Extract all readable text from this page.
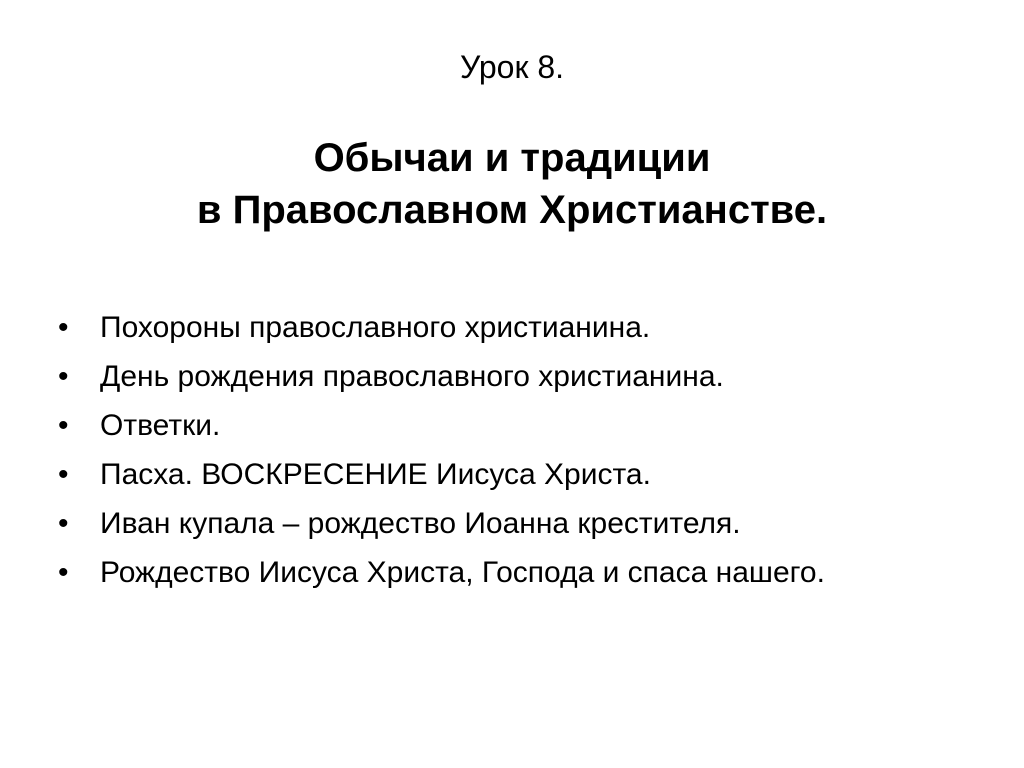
Урок 8.
Обычаи и традиции
в Православном Христианстве.
•	Похороны православного христианина.
•	День рождения православного христианина.
•	Ответки.
•	Пасха. ВОСКРЕСЕНИЕ Иисуса Христа.
•	Иван купала – рождество Иоанна крестителя.
•	Рождество Иисуса Христа, Господа и спаса нашего.
